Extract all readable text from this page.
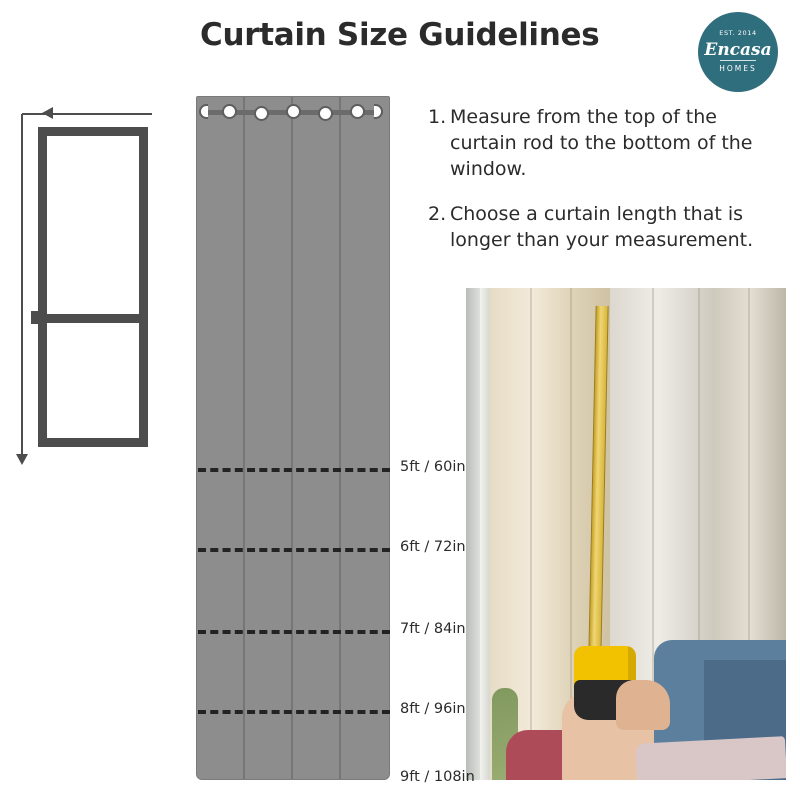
Curtain Size Guidelines	EST. 2014
Encasa
HOMES
1. Measure from the top of the curtain rod to the bottom of the window.
2. Choose a curtain length that is longer than your measurement.
5ft / 60in
6ft / 72in
7ft / 84in
8ft / 96in
9ft / 108in
